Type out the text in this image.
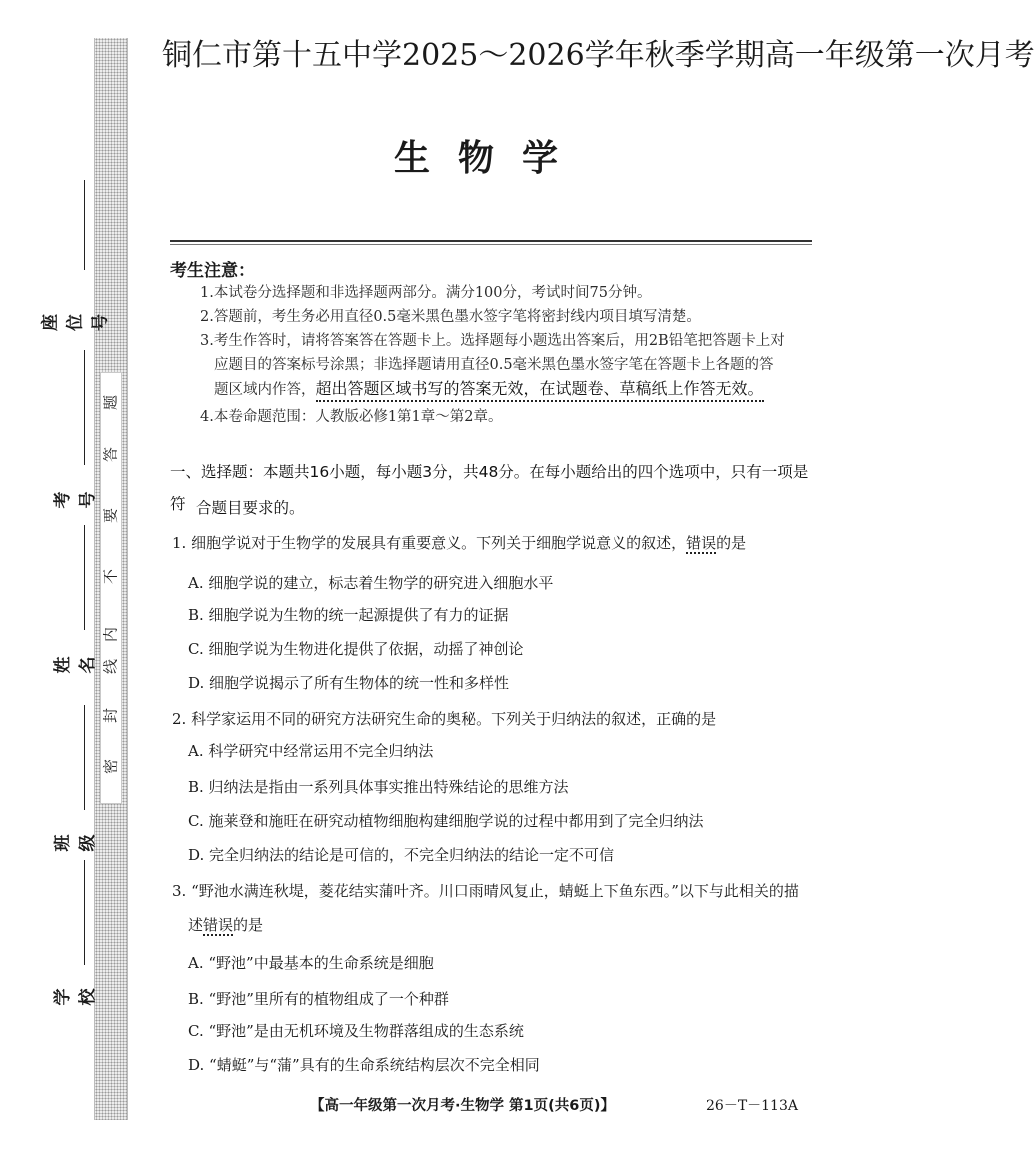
题
答
要
不
内
线
封
密
座位号
考号
姓名
班级
学校
铜仁市第十五中学2025～2026学年秋季学期高一年级第一次月考
生物学
考生注意：
1.本试卷分选择题和非选择题两部分。满分100分，考试时间75分钟。
2.答题前，考生务必用直径0.5毫米黑色墨水签字笔将密封线内项目填写清楚。
3.考生作答时，请将答案答在答题卡上。选择题每小题选出答案后，用2B铅笔把答题卡上对
应题目的答案标号涂黑；非选择题请用直径0.5毫米黑色墨水签字笔在答题卡上各题的答
题区域内作答，超出答题区域书写的答案无效，在试题卷、草稿纸上作答无效。
4.本卷命题范围：人教版必修1第1章～第2章。
一、选择题：本题共16小题，每小题3分，共48分。在每小题给出的四个选项中，只有一项是符 合题目要求的。
1. 细胞学说对于生物学的发展具有重要意义。下列关于细胞学说意义的叙述，错误的是
A. 细胞学说的建立，标志着生物学的研究进入细胞水平
B. 细胞学说为生物的统一起源提供了有力的证据
C. 细胞学说为生物进化提供了依据，动摇了神创论
D. 细胞学说揭示了所有生物体的统一性和多样性
2. 科学家运用不同的研究方法研究生命的奥秘。下列关于归纳法的叙述，正确的是
A. 科学研究中经常运用不完全归纳法
B. 归纳法是指由一系列具体事实推出特殊结论的思维方法
C. 施莱登和施旺在研究动植物细胞构建细胞学说的过程中都用到了完全归纳法
D. 完全归纳法的结论是可信的，不完全归纳法的结论一定不可信
3. “野池水满连秋堤，菱花结实蒲叶齐。川口雨晴风复止，蜻蜓上下鱼东西。”以下与此相关的描
述错误的是
A. “野池”中最基本的生命系统是细胞
B. “野池”里所有的植物组成了一个种群
C. “野池”是由无机环境及生物群落组成的生态系统
D. “蜻蜓”与“蒲”具有的生命系统结构层次不完全相同
【高一年级第一次月考·生物学 第1页(共6页)】	26－T－113A
